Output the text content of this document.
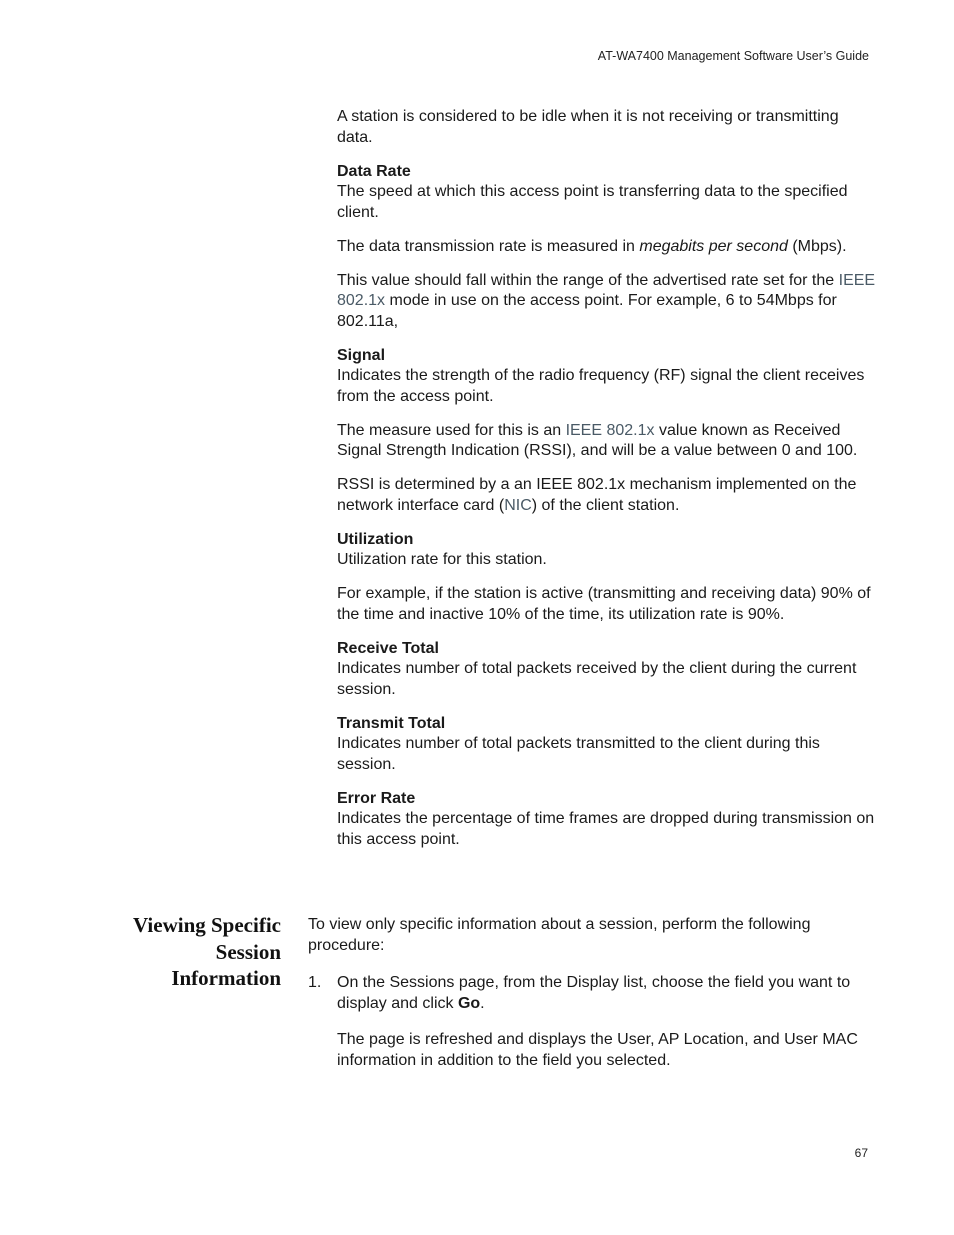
AT-WA7400 Management Software User’s Guide

A station is considered to be idle when it is not receiving or transmitting data.

Data Rate
The speed at which this access point is transferring data to the specified client.

The data transmission rate is measured in megabits per second (Mbps).

This value should fall within the range of the advertised rate set for the IEEE 802.1x mode in use on the access point. For example, 6 to 54Mbps for 802.11a,

Signal
Indicates the strength of the radio frequency (RF) signal the client receives from the access point.

The measure used for this is an IEEE 802.1x value known as Received Signal Strength Indication (RSSI), and will be a value between 0 and 100.

RSSI is determined by a an IEEE 802.1x mechanism implemented on the network interface card (NIC) of the client station.

Utilization
Utilization rate for this station.

For example, if the station is active (transmitting and receiving data) 90% of the time and inactive 10% of the time, its utilization rate is 90%.

Receive Total
Indicates number of total packets received by the client during the current session.
Transmit Total
Indicates number of total packets transmitted to the client during this session.
Error Rate
Indicates the percentage of time frames are dropped during transmission on this access point.
Viewing Specific
Session
Information

To view only specific information about a session, perform the following procedure:

1. On the Sessions page, from the Display list, choose the field you want to display and click Go.

The page is refreshed and displays the User, AP Location, and User MAC information in addition to the field you selected.

67
